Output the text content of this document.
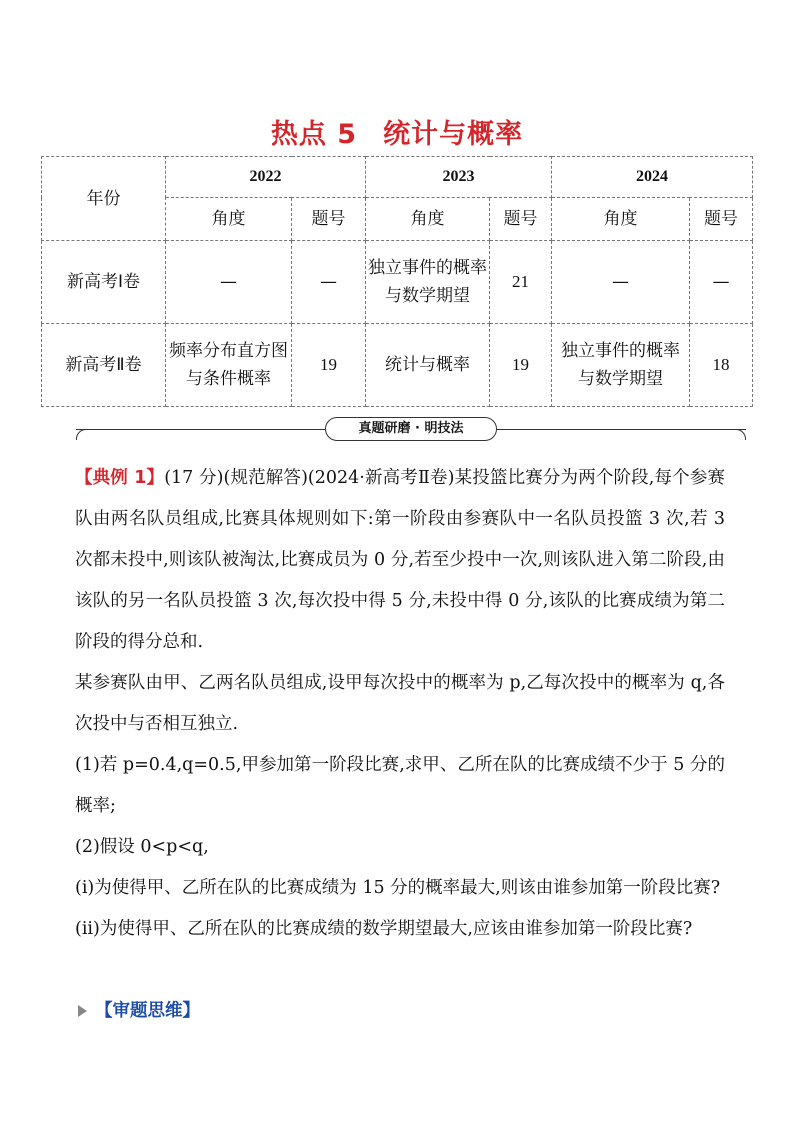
热点 5 统计与概率
年份	2022		2023		2024	
	角度	题号	角度	题号	角度	题号
新高考Ⅰ卷	—	—	独立事件的概率与数学期望	21	—	—
新高考Ⅱ卷	频率分布直方图与条件概率	19	统计与概率	19	独立事件的概率与数学期望	18
真题研磨 · 明技法

【典例 1】(17 分)(规范解答)(2024·新高考Ⅱ卷)某投篮比赛分为两个阶段,每个参赛队由两名队员组成,比赛具体规则如下:第一阶段由参赛队中一名队员投篮 3 次,若 3 次都未投中,则该队被淘汰,比赛成员为 0 分,若至少投中一次,则该队进入第二阶段,由该队的另一名队员投篮 3 次,每次投中得 5 分,未投中得 0 分,该队的比赛成绩为第二阶段的得分总和.

某参赛队由甲、乙两名队员组成,设甲每次投中的概率为 p,乙每次投中的概率为 q,各次投中与否相互独立.

(1)若 p=0.4,q=0.5,甲参加第一阶段比赛,求甲、乙所在队的比赛成绩不少于 5 分的概率;

(2)假设 0<p<q,

(i)为使得甲、乙所在队的比赛成绩为 15 分的概率最大,则该由谁参加第一阶段比赛?

(ii)为使得甲、乙所在队的比赛成绩的数学期望最大,应该由谁参加第一阶段比赛?

【审题思维】
